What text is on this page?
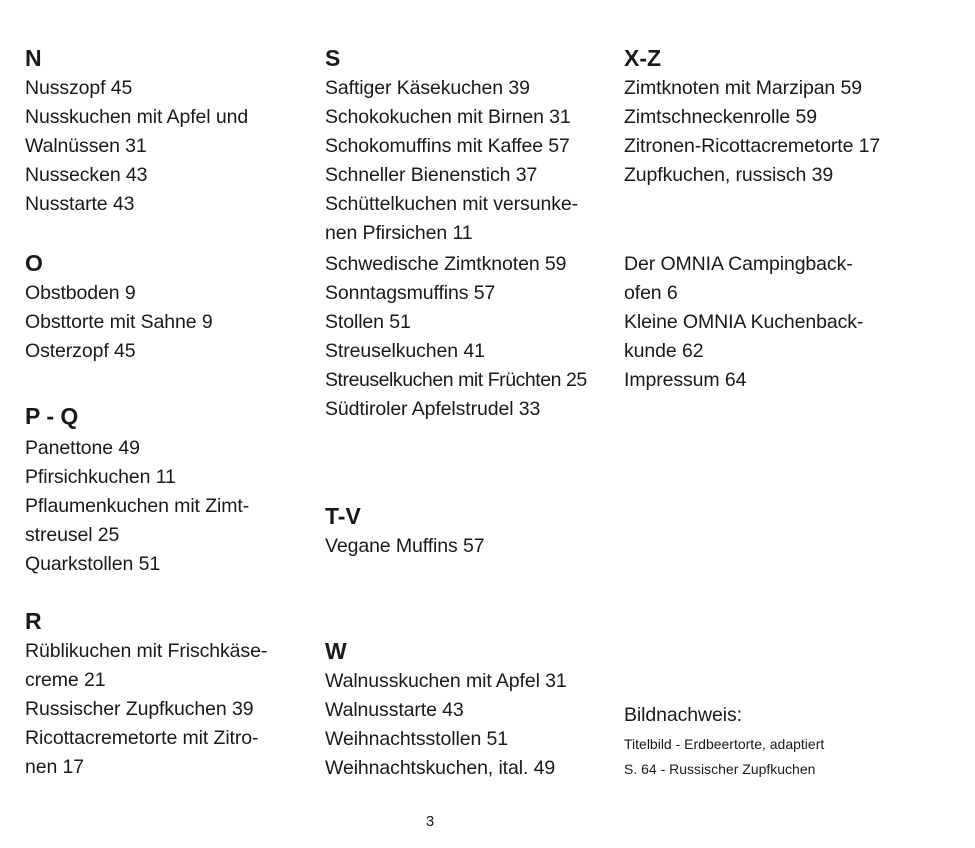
N
Nusszopf 45
Nusskuchen mit Apfel und
Walnüssen 31
Nussecken 43
Nusstarte 43
O
Obstboden 9
Obsttorte mit Sahne 9
Osterzopf 45
P - Q
Panettone 49
Pfirsichkuchen 11
Pflaumenkuchen mit Zimt-
streusel 25
Quarkstollen 51
R
Rüblikuchen mit Frischkäse-
creme 21
Russischer Zupfkuchen 39
Ricottacremetorte mit Zitro-
nen 17
S
Saftiger Käsekuchen 39
Schokokuchen mit Birnen 31
Schokomuffins mit Kaffee 57
Schneller Bienenstich 37
Schüttelkuchen mit versunke-
nen Pfirsichen 11
Schwedische Zimtknoten 59
Sonntagsmuffins 57
Stollen 51
Streuselkuchen 41
Streuselkuchen mit Früchten 25
Südtiroler Apfelstrudel 33
T-V
Vegane Muffins 57
W
Walnusskuchen mit Apfel 31
Walnusstarte 43
Weihnachtsstollen 51
Weihnachtskuchen, ital. 49
X-Z
Zimtknoten mit Marzipan 59
Zimtschneckenrolle 59
Zitronen-Ricottacremetorte 17
Zupfkuchen, russisch 39
Der OMNIA Campingback-
ofen 6
Kleine OMNIA Kuchenback-
kunde 62
Impressum 64
Bildnachweis:
Titelbild - Erdbeertorte, adaptiert
S. 64 - Russischer Zupfkuchen
3
